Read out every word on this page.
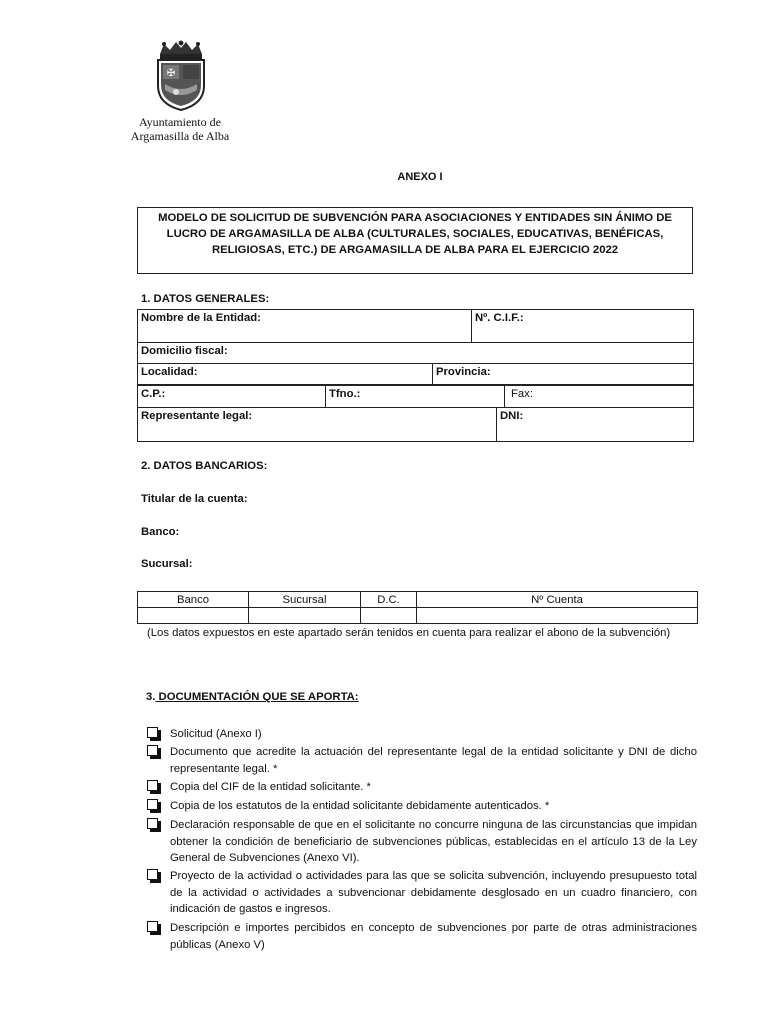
✠
Ayuntamiento de
Argamasilla de Alba
ANEXO I
MODELO DE SOLICITUD DE SUBVENCIÓN PARA ASOCIACIONES Y ENTIDADES SIN ÁNIMO DE LUCRO DE ARGAMASILLA DE ALBA (CULTURALES, SOCIALES, EDUCATIVAS, BENÉFICAS, RELIGIOSAS, ETC.) DE ARGAMASILLA DE ALBA PARA EL EJERCICIO 2022
1. DATOS GENERALES:
Nombre de la Entidad:	Nº. C.I.F.:
Domicilio fiscal:
Localidad:	Provincia:
C.P.:	Tfno.:	Fax:
Representante legal:	DNI:
2. DATOS BANCARIOS:
Titular de la cuenta:
Banco:
Sucursal:
Banco	Sucursal	D.C.	Nº Cuenta
(Los datos expuestos en este apartado serán tenidos en cuenta para realizar el abono de la subvención)
3. DOCUMENTACIÓN QUE SE APORTA:
Solicitud (Anexo I)
Documento que acredite la actuación del representante legal de la entidad solicitante y DNI de dicho representante legal. *
Copia del CIF de la entidad solicitante. *
Copia de los estatutos de la entidad solicitante debidamente autenticados. *
Declaración responsable de que en el solicitante no concurre ninguna de las circunstancias que impidan obtener la condición de beneficiario de subvenciones públicas, establecidas en el artículo 13 de la Ley General de Subvenciones (Anexo VI).
Proyecto de la actividad o actividades para las que se solicita subvención, incluyendo presupuesto total de la actividad o actividades a subvencionar debidamente desglosado en un cuadro financiero, con indicación de gastos e ingresos.
Descripción e importes percibidos en concepto de subvenciones por parte de otras administraciones públicas (Anexo V)
